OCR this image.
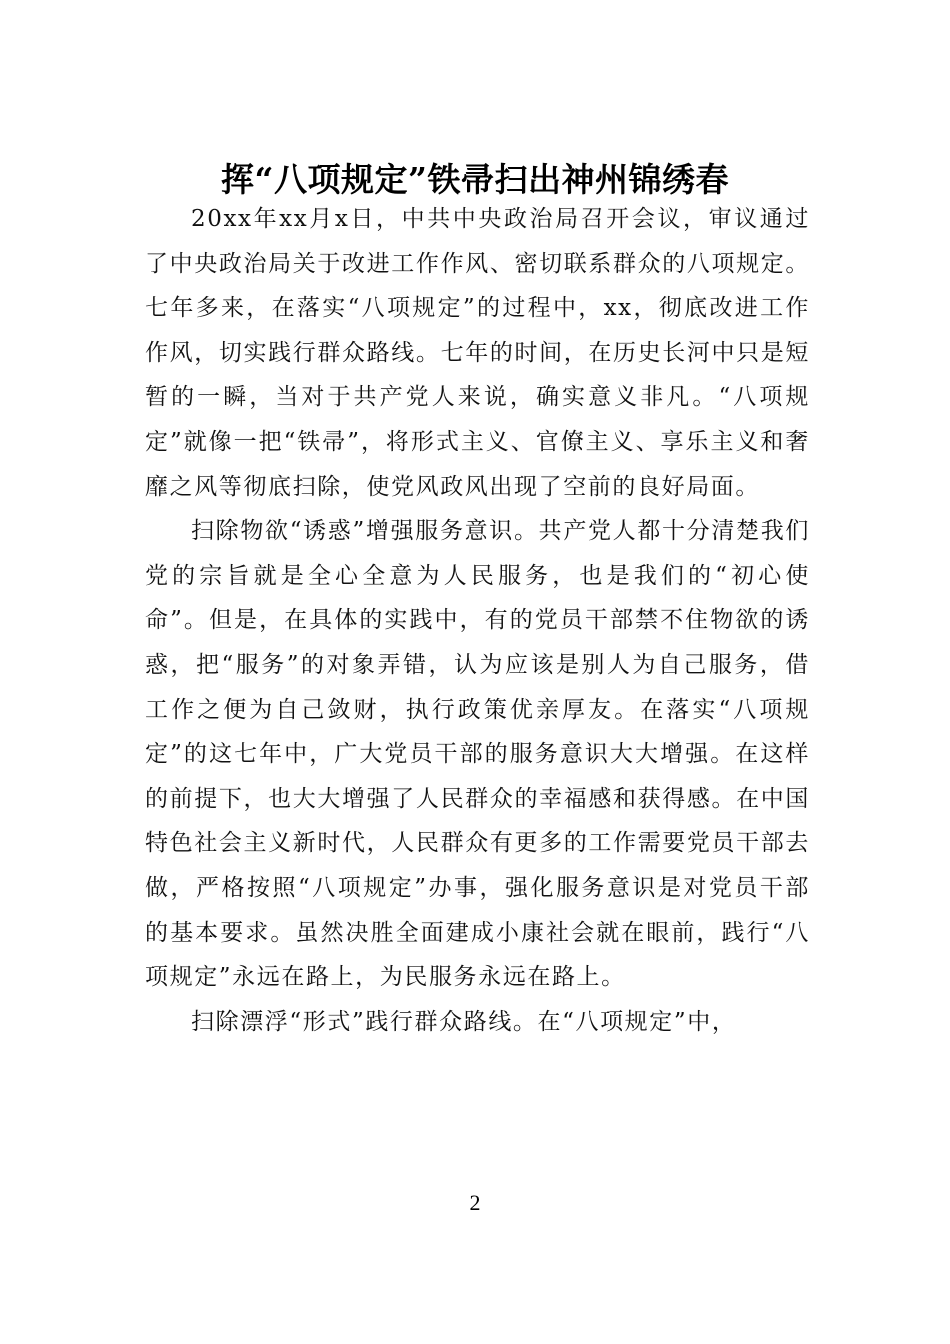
挥“八项规定”铁帚扫出神州锦绣春

20xx年xx月x日，中共中央政治局召开会议，审议通过了中央政治局关于改进工作作风、密切联系群众的八项规定。七年多来，在落实“八项规定”的过程中，xx，彻底改进工作作风，切实践行群众路线。七年的时间，在历史长河中只是短暂的一瞬，当对于共产党人来说，确实意义非凡。“八项规定”就像一把“铁帚”，将形式主义、官僚主义、享乐主义和奢靡之风等彻底扫除，使党风政风出现了空前的良好局面。

扫除物欲“诱惑”增强服务意识。共产党人都十分清楚我们党的宗旨就是全心全意为人民服务，也是我们的“初心使命”。但是，在具体的实践中，有的党员干部禁不住物欲的诱惑，把“服务”的对象弄错，认为应该是别人为自己服务，借工作之便为自己敛财，执行政策优亲厚友。在落实“八项规定”的这七年中，广大党员干部的服务意识大大增强。在这样的前提下，也大大增强了人民群众的幸福感和获得感。在中国特色社会主义新时代，人民群众有更多的工作需要党员干部去做，严格按照“八项规定”办事，强化服务意识是对党员干部的基本要求。虽然决胜全面建成小康社会就在眼前，践行“八项规定”永远在路上，为民服务永远在路上。

扫除漂浮“形式”践行群众路线。在“八项规定”中，

2
